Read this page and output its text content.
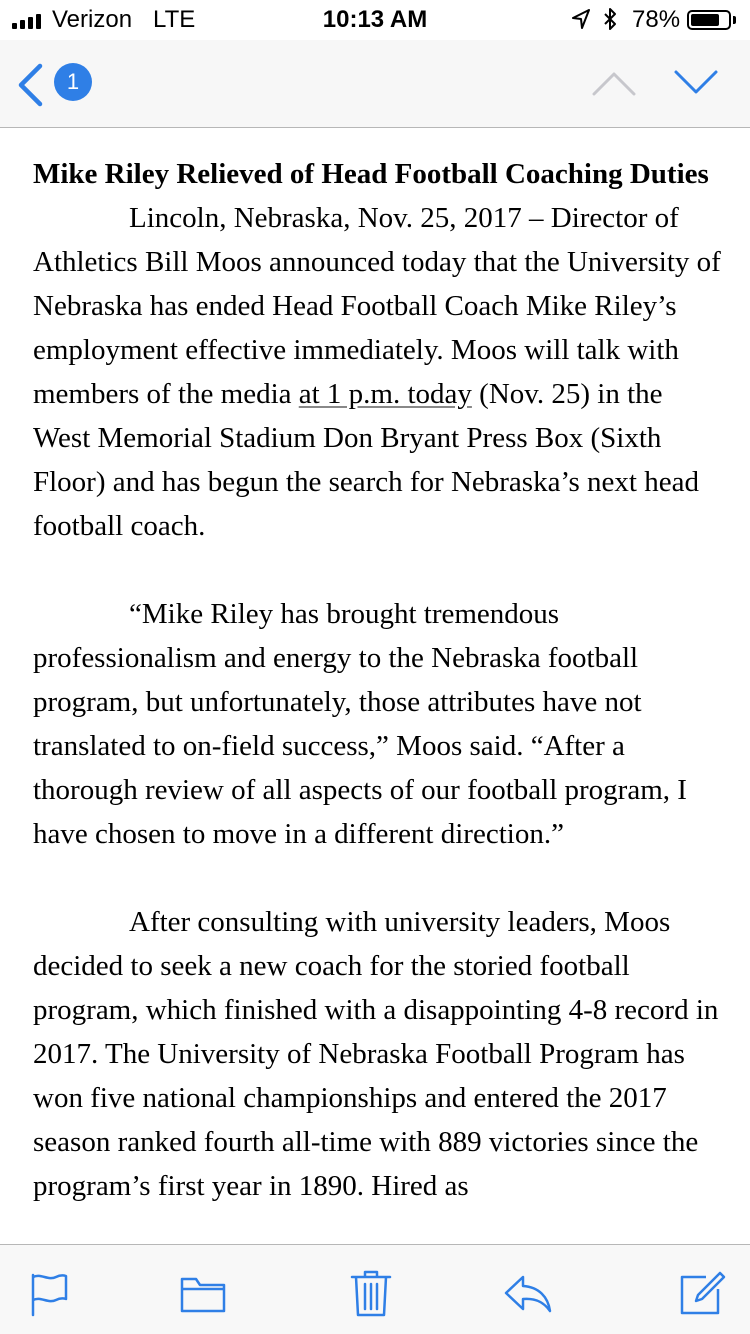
Verizon LTE	10:13 AM	78%
1

Mike Riley Relieved of Head Football Coaching Duties

Lincoln, Nebraska, Nov. 25, 2017 – Director of Athletics Bill Moos announced today that the University of Nebraska has ended Head Football Coach Mike Riley’s employment effective immediately. Moos will talk with members of the media at 1 p.m. today (Nov. 25) in the West Memorial Stadium Don Bryant Press Box (Sixth Floor) and has begun the search for Nebraska’s next head football coach.

“Mike Riley has brought tremendous professionalism and energy to the Nebraska football program, but unfortunately, those attributes have not translated to on-field success,” Moos said. “After a thorough review of all aspects of our football program, I have chosen to move in a different direction.”

After consulting with university leaders, Moos decided to seek a new coach for the storied football program, which finished with a disappointing 4-8 record in 2017. The University of Nebraska Football Program has won five national championships and entered the 2017 season ranked fourth all-time with 889 victories since the program’s first year in 1890. Hired as
